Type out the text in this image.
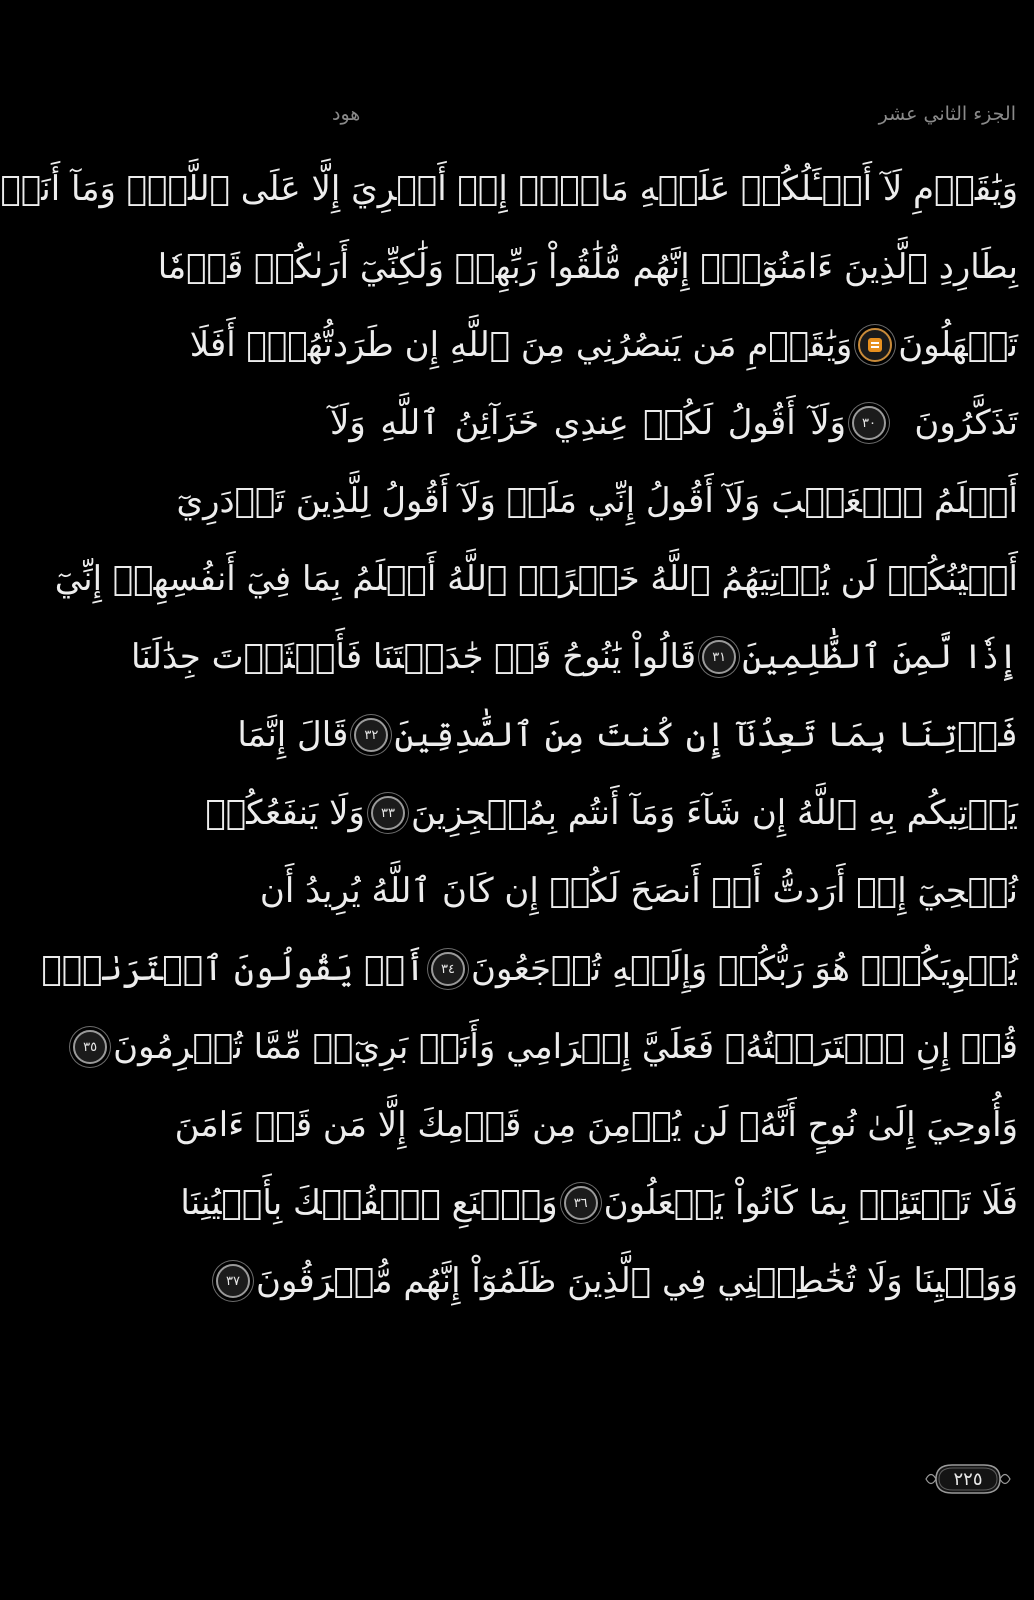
الجزء الثاني عشر
هود
وَيَٰقَوۡمِ لَآ أَسۡـَٔلُكُمۡ عَلَيۡهِ مَالًاۖ إِنۡ أَجۡرِيَ إِلَّا عَلَى ٱللَّهِۚ وَمَآ أَنَا۠
بِطَارِدِ ٱلَّذِينَ ءَامَنُوٓاْۚ إِنَّهُم مُّلَٰقُواْ رَبِّهِمۡ وَلَٰكِنِّيٓ أَرَىٰكُمۡ قَوۡمٗا
تَجۡهَلُونَ
وَيَٰقَوۡمِ مَن يَنصُرُنِي مِنَ ٱللَّهِ إِن طَرَدتُّهُمۡۚ أَفَلَا
تَذَكَّرُونَ
٣٠
وَلَآ أَقُولُ لَكُمۡ عِندِي خَزَآئِنُ ٱللَّهِ وَلَآ
أَعۡلَمُ ٱلۡغَيۡبَ وَلَآ أَقُولُ إِنِّي مَلَكٞ وَلَآ أَقُولُ لِلَّذِينَ تَزۡدَرِيٓ
أَعۡيُنُكُمۡ لَن يُؤۡتِيَهُمُ ٱللَّهُ خَيۡرًاۖ ٱللَّهُ أَعۡلَمُ بِمَا فِيٓ أَنفُسِهِمۡ إِنِّيٓ
إِذٗا لَّمِنَ ٱلظَّٰلِمِينَ
٣١
قَالُواْ يَٰنُوحُ قَدۡ جَٰدَلۡتَنَا فَأَكۡثَرۡتَ جِدَٰلَنَا
فَأۡتِنَا بِمَا تَعِدُنَآ إِن كُنتَ مِنَ ٱلصَّٰدِقِينَ
٣٢
قَالَ إِنَّمَا
يَأۡتِيكُم بِهِ ٱللَّهُ إِن شَآءَ وَمَآ أَنتُم بِمُعۡجِزِينَ
٣٣
وَلَا يَنفَعُكُمۡ
نُصۡحِيٓ إِنۡ أَرَدتُّ أَنۡ أَنصَحَ لَكُمۡ إِن كَانَ ٱللَّهُ يُرِيدُ أَن
يُغۡوِيَكُمۡۚ هُوَ رَبُّكُمۡ وَإِلَيۡهِ تُرۡجَعُونَ
٣٤
أَمۡ يَقُولُونَ ٱفۡتَرَىٰهُۖ
قُلۡ إِنِ ٱفۡتَرَيۡتُهُۥ فَعَلَيَّ إِجۡرَامِي وَأَنَا۠ بَرِيٓءٞ مِّمَّا تُجۡرِمُونَ
٣٥
وَأُوحِيَ إِلَىٰ نُوحٍ أَنَّهُۥ لَن يُؤۡمِنَ مِن قَوۡمِكَ إِلَّا مَن قَدۡ ءَامَنَ
فَلَا تَبۡتَئِسۡ بِمَا كَانُواْ يَفۡعَلُونَ
٣٦
وَٱصۡنَعِ ٱلۡفُلۡكَ بِأَعۡيُنِنَا
وَوَحۡيِنَا وَلَا تُخَٰطِبۡنِي فِي ٱلَّذِينَ ظَلَمُوٓاْ إِنَّهُم مُّغۡرَقُونَ
٣٧
٢٢٥
